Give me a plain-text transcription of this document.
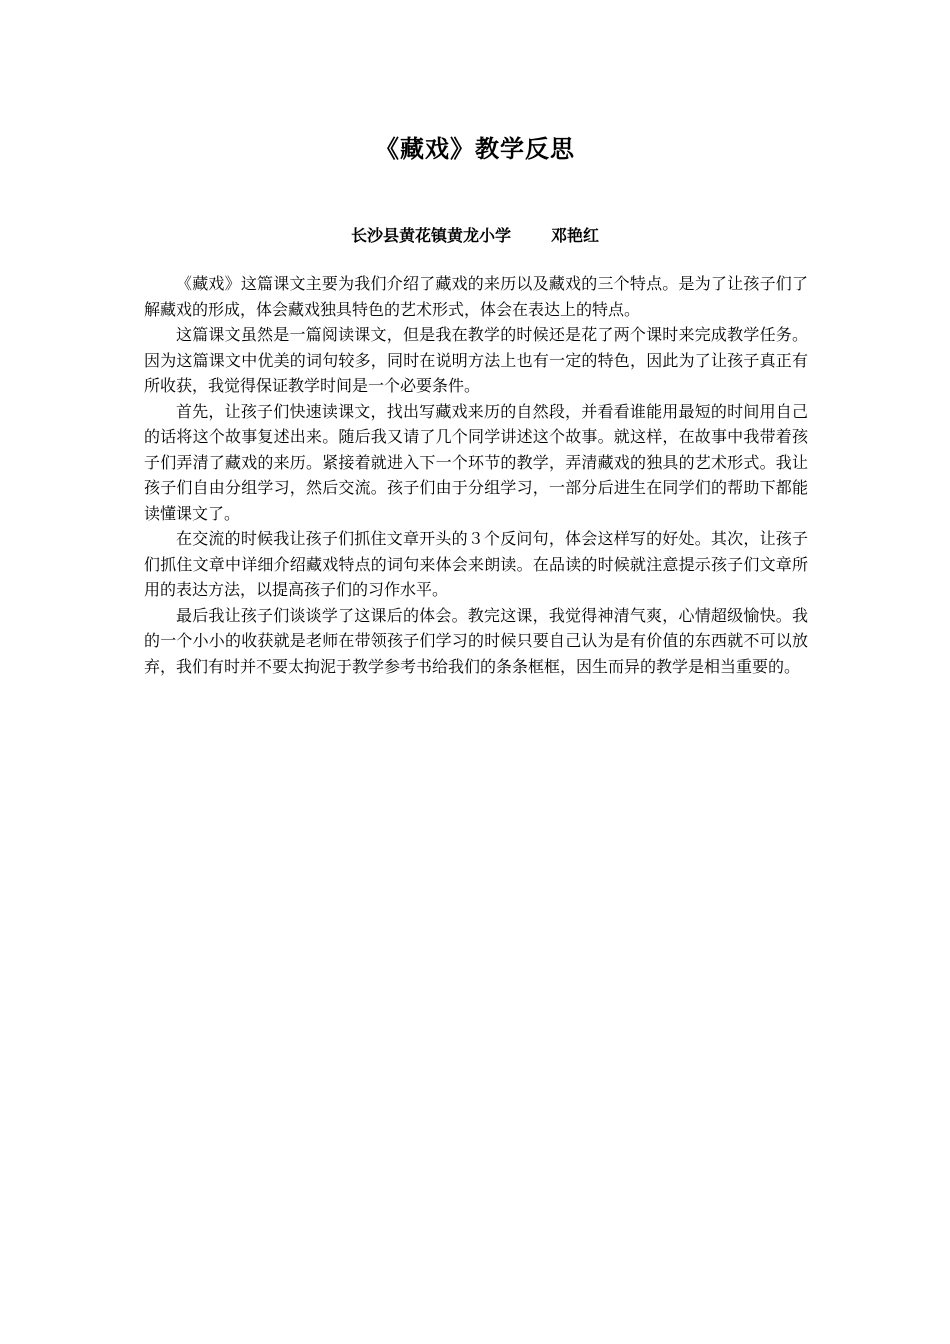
《藏戏》教学反思
长沙县黄花镇黄龙小学	邓艳红

《藏戏》这篇课文主要为我们介绍了藏戏的来历以及藏戏的三个特点。是为了让孩子们了解藏戏的形成，体会藏戏独具特色的艺术形式，体会在表达上的特点。

这篇课文虽然是一篇阅读课文，但是我在教学的时候还是花了两个课时来完成教学任务。因为这篇课文中优美的词句较多，同时在说明方法上也有一定的特色，因此为了让孩子真正有所收获，我觉得保证教学时间是一个必要条件。

首先，让孩子们快速读课文，找出写藏戏来历的自然段，并看看谁能用最短的时间用自己的话将这个故事复述出来。随后我又请了几个同学讲述这个故事。就这样，在故事中我带着孩子们弄清了藏戏的来历。紧接着就进入下一个环节的教学，弄清藏戏的独具的艺术形式。我让孩子们自由分组学习，然后交流。孩子们由于分组学习，一部分后进生在同学们的帮助下都能读懂课文了。

在交流的时候我让孩子们抓住文章开头的３个反问句，体会这样写的好处。其次，让孩子们抓住文章中详细介绍藏戏特点的词句来体会来朗读。在品读的时候就注意提示孩子们文章所用的表达方法，以提高孩子们的习作水平。

最后我让孩子们谈谈学了这课后的体会。教完这课，我觉得神清气爽，心情超级愉快。我的一个小小的收获就是老师在带领孩子们学习的时候只要自己认为是有价值的东西就不可以放弃，我们有时并不要太拘泥于教学参考书给我们的条条框框，因生而异的教学是相当重要的。
